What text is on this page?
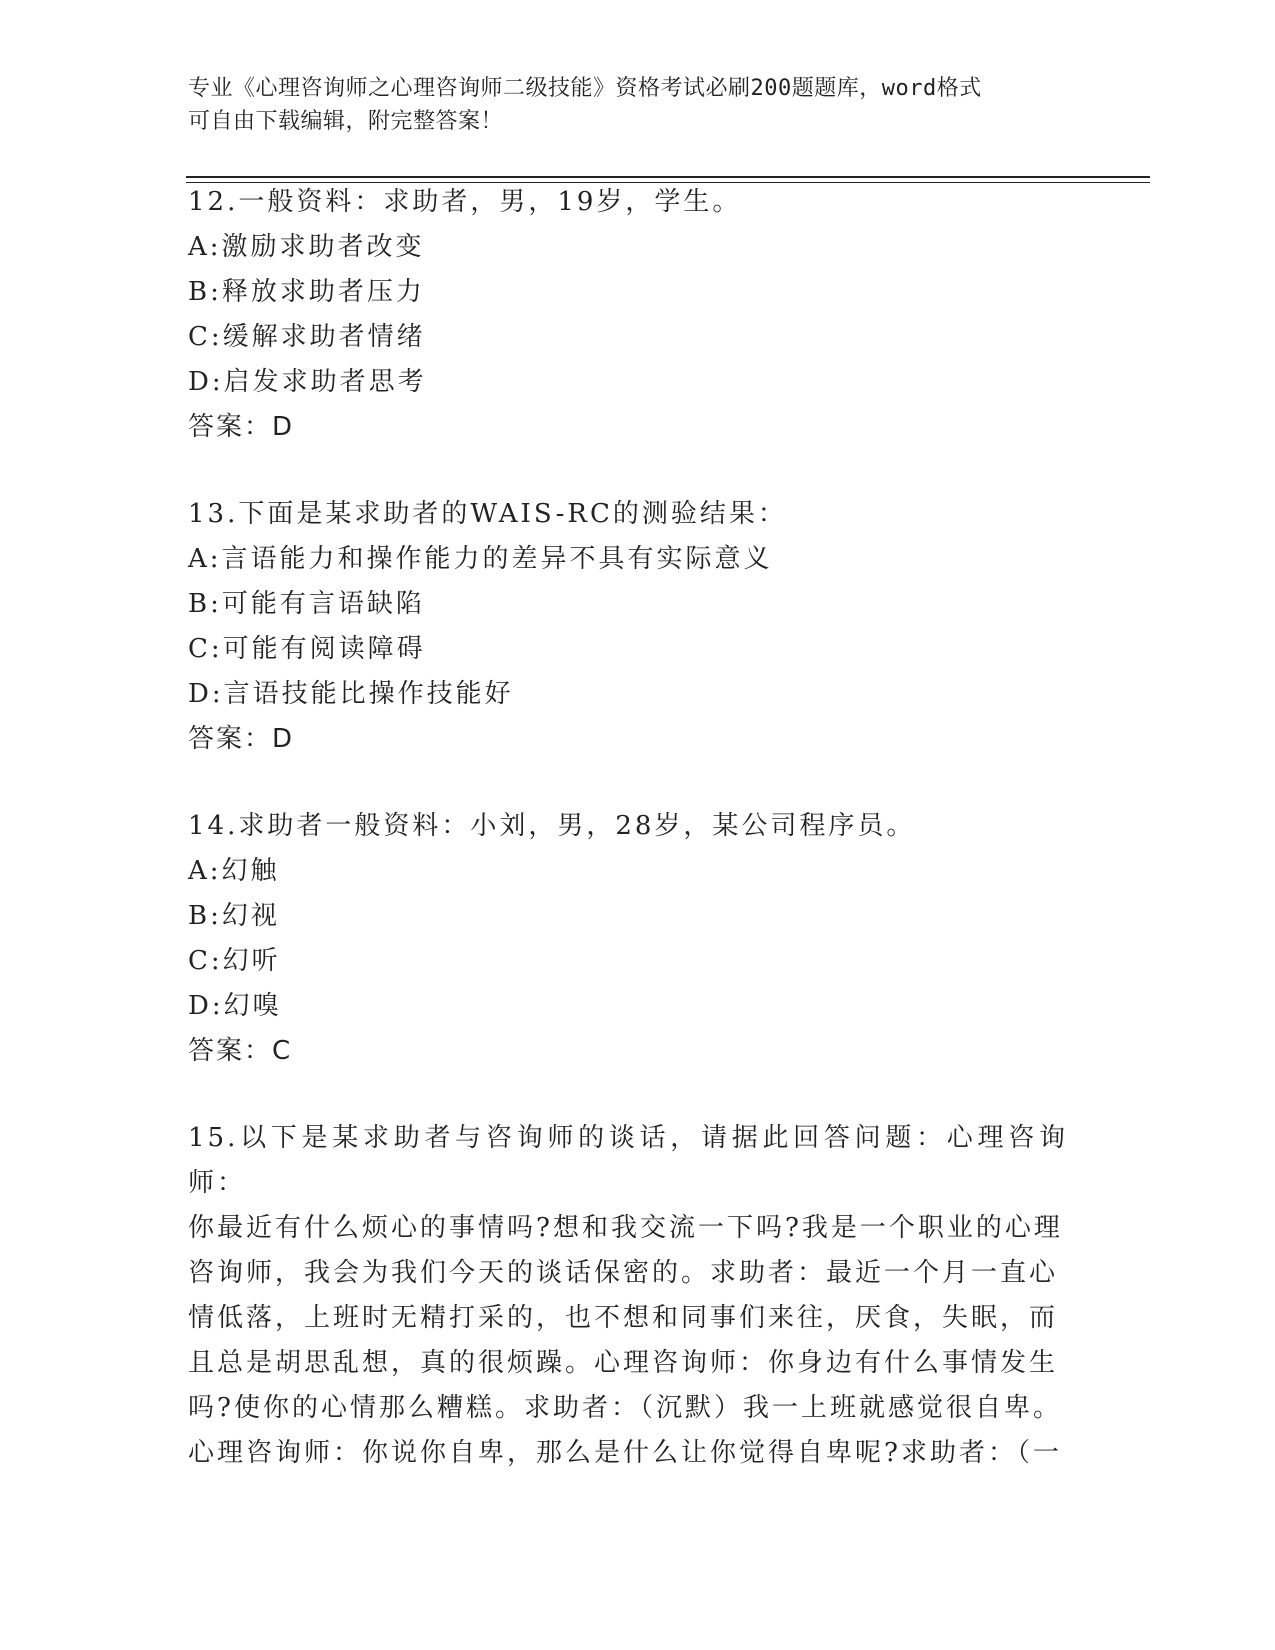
专业《心理咨询师之心理咨询师二级技能》资格考试必刷200题题库，word格式
可自由下载编辑，附完整答案！
12.一般资料：求助者，男，19岁，学生。
A:激励求助者改变
B:释放求助者压力
C:缓解求助者情绪
D:启发求助者思考
答案：D
13.下面是某求助者的WAIS-RC的测验结果：
A:言语能力和操作能力的差异不具有实际意义
B:可能有言语缺陷
C:可能有阅读障碍
D:言语技能比操作技能好
答案：D
14.求助者一般资料：小刘，男，28岁，某公司程序员。
A:幻触
B:幻视
C:幻听
D:幻嗅
答案：C
15.以下是某求助者与咨询师的谈话，请据此回答问题：心理咨询师：
你最近有什么烦心的事情吗?想和我交流一下吗?我是一个职业的心理
咨询师，我会为我们今天的谈话保密的。求助者：最近一个月一直心
情低落，上班时无精打采的，也不想和同事们来往，厌食，失眠，而
且总是胡思乱想，真的很烦躁。心理咨询师：你身边有什么事情发生
吗?使你的心情那么糟糕。求助者：（沉默）我一上班就感觉很自卑。
心理咨询师：你说你自卑，那么是什么让你觉得自卑呢?求助者：（一
